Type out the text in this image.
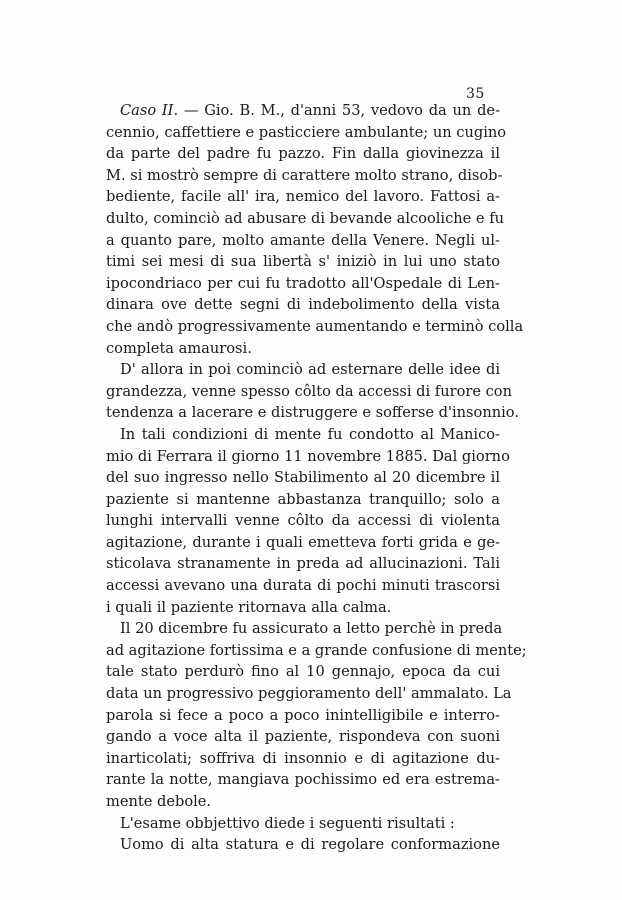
35
Caso II. — Gio. B. M., d'anni 53, vedovo da un de-
cennio, caffettiere e pasticciere ambulante; un cugino
da parte del padre fu pazzo. Fin dalla giovinezza il
M. si mostrò sempre di carattere molto strano, disob-
bediente, facile all' ira, nemico del lavoro. Fattosi a-
dulto, cominciò ad abusare di bevande alcooliche e fu
a quanto pare, molto amante della Venere. Negli ul-
timi sei mesi di sua libertà s' iniziò in lui uno stato
ipocondriaco per cui fu tradotto all'Ospedale di Len-
dinara ove dette segni di indebolimento della vista
che andò progressivamente aumentando e terminò colla
completa amaurosi.
D' allora in poi cominciò ad esternare delle idee di
grandezza, venne spesso côlto da accessi di furore con
tendenza a lacerare e distruggere e sofferse d'insonnio.
In tali condizioni di mente fu condotto al Manico-
mio di Ferrara il giorno 11 novembre 1885. Dal giorno
del suo ingresso nello Stabilimento al 20 dicembre il
paziente si mantenne abbastanza tranquillo; solo a
lunghi intervalli venne côlto da accessi di violenta
agitazione, durante i quali emetteva forti grida e ge-
sticolava stranamente in preda ad allucinazioni. Tali
accessi avevano una durata di pochi minuti trascorsi
i quali il paziente ritornava alla calma.
Il 20 dicembre fu assicurato a letto perchè in preda
ad agitazione fortissima e a grande confusione di mente;
tale stato perdurò fino al 10 gennajo, epoca da cui
data un progressivo peggioramento dell' ammalato. La
parola si fece a poco a poco inintelligibile e interro-
gando a voce alta il paziente, rispondeva con suoni
inarticolati; soffriva di insonnio e di agitazione du-
rante la notte, mangiava pochissimo ed era estrema-
mente debole.
L'esame obbjettivo diede i seguenti risultati :
Uomo di alta statura e di regolare conformazione
